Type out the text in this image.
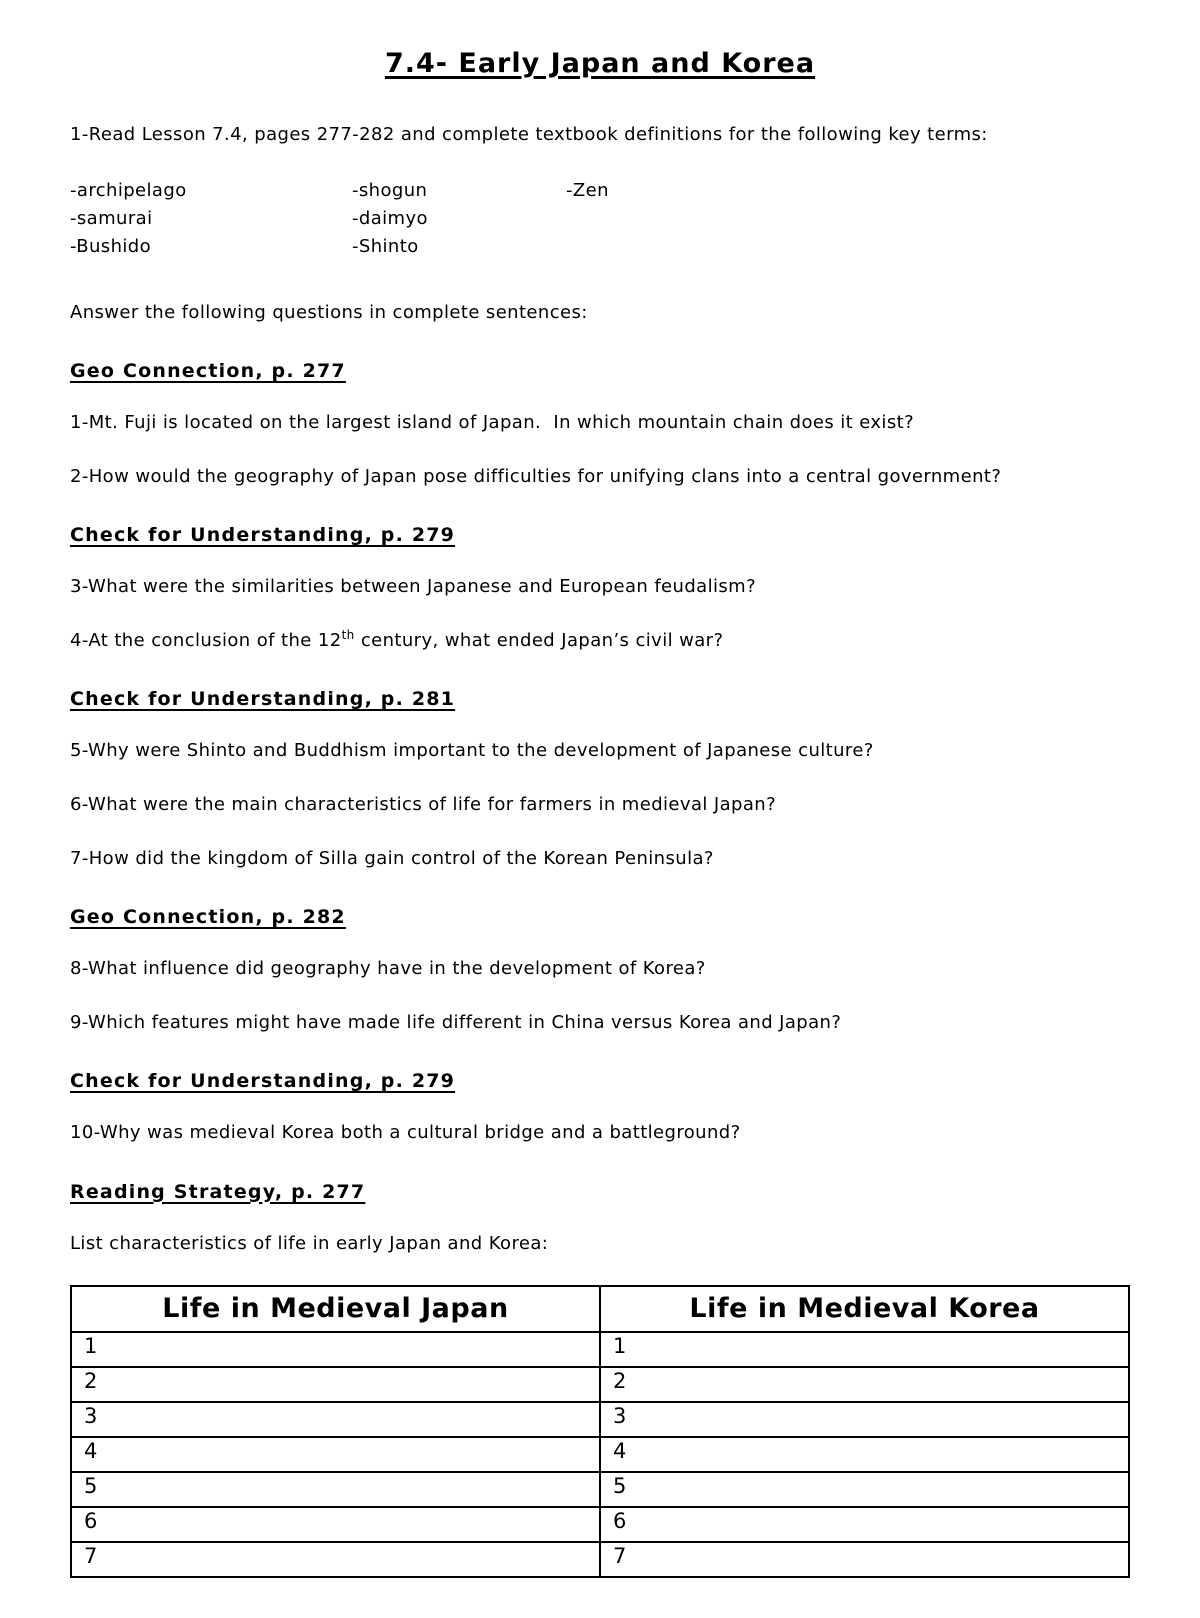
7.4- Early Japan and Korea

1-Read Lesson 7.4, pages 277-282 and complete textbook definitions for the following key terms:

-archipelago
-samurai
-Bushido
-shogun
-daimyo
-Shinto
-Zen

Answer the following questions in complete sentences:

Geo Connection, p. 277

1-Mt. Fuji is located on the largest island of Japan.  In which mountain chain does it exist?

2-How would the geography of Japan pose difficulties for unifying clans into a central government?

Check for Understanding, p. 279

3-What were the similarities between Japanese and European feudalism?

4-At the conclusion of the 12th century, what ended Japan’s civil war?

Check for Understanding, p. 281

5-Why were Shinto and Buddhism important to the development of Japanese culture?

6-What were the main characteristics of life for farmers in medieval Japan?

7-How did the kingdom of Silla gain control of the Korean Peninsula?

Geo Connection, p. 282

8-What influence did geography have in the development of Korea?

9-Which features might have made life different in China versus Korea and Japan?

Check for Understanding, p. 279

10-Why was medieval Korea both a cultural bridge and a battleground?

Reading Strategy, p. 277

List characteristics of life in early Japan and Korea:

Life in Medieval Japan	Life in Medieval Korea
1	1
2	2
3	3
4	4
5	5
6	6
7	7
